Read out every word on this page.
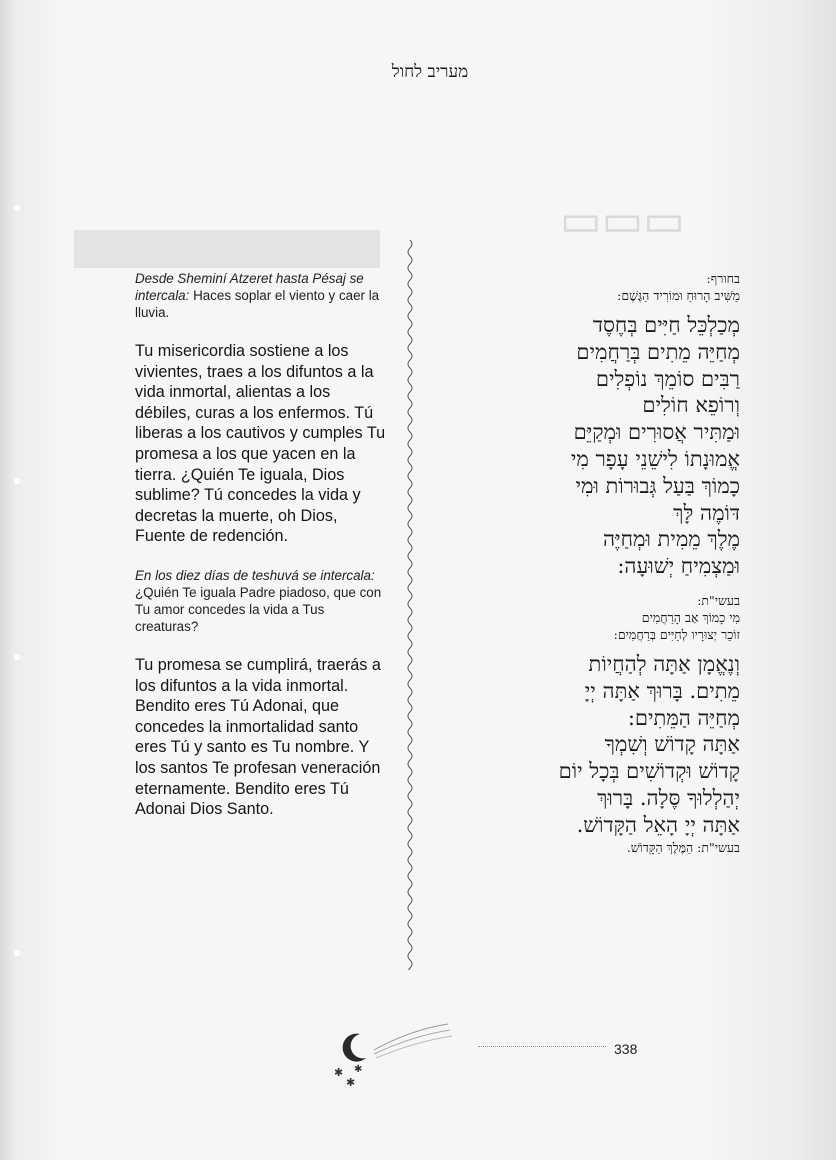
▭▭▭
מעריב לחול

Desde Sheminí Atzeret hasta Pésaj se intercala: Haces soplar el viento y caer la lluvia.

Tu misericordia sostiene a los vivientes, traes a los difuntos a la vida inmortal, alientas a los débiles, curas a los enfermos. Tú liberas a los cautivos y cumples Tu promesa a los que yacen en la tierra. ¿Quién Te iguala, Dios sublime? Tú concedes la vida y decretas la muerte, oh Dios, Fuente de redención.

En los diez días de teshuvá se intercala:
¿Quién Te iguala Padre piadoso, que con Tu amor concedes la vida a Tus creaturas?

Tu promesa se cumplirá, traerás a los difuntos a la vida inmortal.

Bendito eres Tú Adonai, que concedes la inmortalidad santo eres Tú y santo es Tu nombre. Y los santos Te profesan veneración eternamente. Bendito eres Tú Adonai Dios Santo.

בחורף:

מַשִּׁיב הָרוּחַ וּמוֹרִיד הַגֶּשֶׁם:

מְכַלְכֵּל חַיִּים בְּחֶסֶד

מְחַיֵּה מֵתִים בְּרַחֲמִים

רַבִּים סוֹמֵךְ נוֹפְלִים

וְרוֹפֵא חוֹלִים

וּמַתִּיר אֲסוּרִים וּמְקַיֵּם

אֱמוּנָתוֹ לִישֵׁנֵי עָפָר מִי

כָמוֹךְ בַּעַל גְּבוּרוֹת וּמִי

דּוֹמֶה לָּךְ

מֶלֶךְ מֵמִית וּמְחַיֶּה

וּמַצְמִיחַ יְשׁוּעָה:

בעשי"ת:

מִי כָמוֹךְ אַב הָרַחֲמִים

זוֹכֵר יְצוּרָיו לְחַיִּים בְּרַחֲמִים:

וְנֶאֱמָן אַתָּה לְהַחֲיוֹת

מֵתִים. בָּרוּךְ אַתָּה יְיָ

מְחַיֵּה הַמֵּתִים:

אַתָּה קָדוֹשׁ וְשִׁמְךָ

קָדוֹשׁ וּקְדוֹשִׁים בְּכָל יוֹם

יְהַלְלוּךָ סֶּלָה. בָּרוּךְ

אַתָּה יְיָ הָאֵל הַקָּדוֹשׁ.

בעשי"ת: הַמֶּלֶךְ הַקָּדוֹשׁ.

✱
✱
✱
338
